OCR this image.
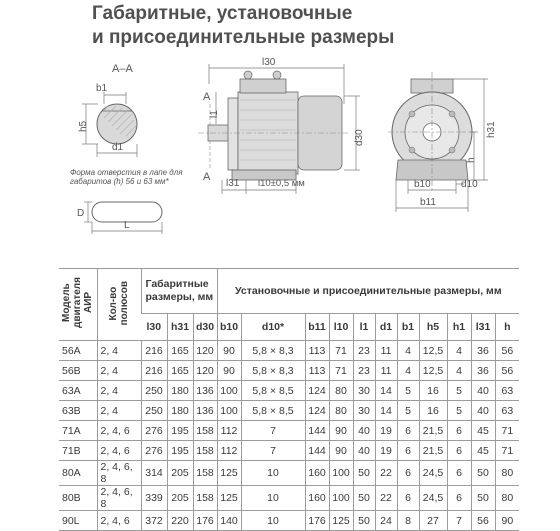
Габаритные, установочные
и присоединительные размеры
A–A
b1
h5
d1
Форма отверстия в лапе для габаритов (h) 56 и 63 мм*
D
L
l30
A
A
l1
d30
l31 l10±0,5 мм
h31
h
b10	d10
b11
Модель
двигателя
АИР	Кол-во
полюсов	Габаритные размеры, мм			Установочные и присоединительные размеры, мм										
		l30	h31	d30	b10	d10*	b11	l10	l1	d1	b1	h5	h1	l31	h
56A	2, 4	216	165	120	90	5,8 × 8,3	113	71	23	11	4	12,5	4	36	56
56B	2, 4	216	165	120	90	5,8 × 8,3	113	71	23	11	4	12,5	4	36	56
63A	2, 4	250	180	136	100	5,8 × 8,5	124	80	30	14	5	16	5	40	63
63B	2, 4	250	180	136	100	5,8 × 8,5	124	80	30	14	5	16	5	40	63
71A	2, 4, 6	276	195	158	112	7	144	90	40	19	6	21,5	6	45	71
71B	2, 4, 6	276	195	158	112	7	144	90	40	19	6	21,5	6	45	71
80A	2, 4, 6, 8	314	205	158	125	10	160	100	50	22	6	24,5	6	50	80
80B	2, 4, 6, 8	339	205	158	125	10	160	100	50	22	6	24,5	6	50	80
90L	2, 4, 6	372	220	176	140	10	176	125	50	24	8	27	7	56	90
